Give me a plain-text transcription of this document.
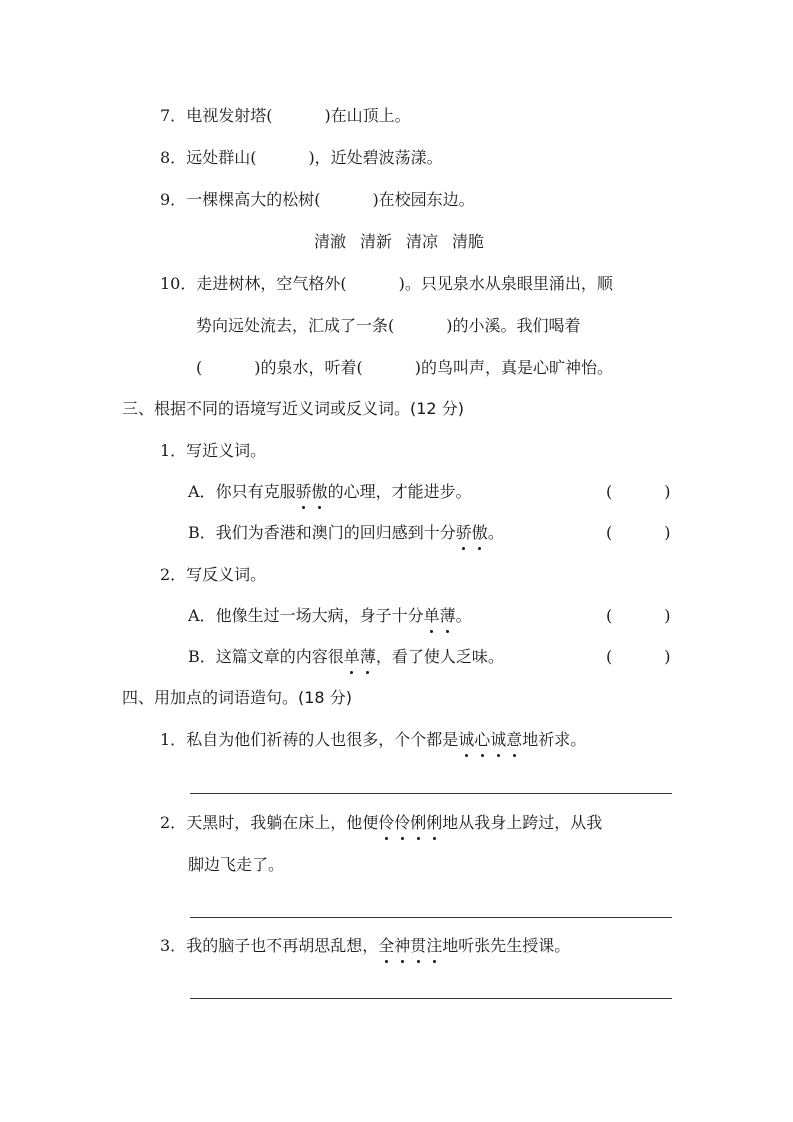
7．电视发射塔(	)在山顶上。
8．远处群山(	)，近处碧波荡漾。
9．一棵棵高大的松树(	)在校园东边。
清澈 清新 清凉 清脆
10．走进树林，空气格外(	)。只见泉水从泉眼里涌出，顺
势向远处流去，汇成了一条(	)的小溪。我们喝着
(	)的泉水，听着(	)的鸟叫声，真是心旷神怡。
三、根据不同的语境写近义词或反义词。(12 分)
1．写近义词。
A．你只有克服骄傲的心理，才能进步。	(	)
B．我们为香港和澳门的回归感到十分骄傲。	(	)
2．写反义词。
A．他像生过一场大病，身子十分单薄。	(	)
B．这篇文章的内容很单薄，看了使人乏味。	(	)
四、用加点的词语造句。(18 分)
1．私自为他们祈祷的人也很多，个个都是诚心诚意地祈求。
2．天黑时，我躺在床上，他便伶伶俐俐地从我身上跨过，从我
脚边飞走了。
3．我的脑子也不再胡思乱想，全神贯注地听张先生授课。
